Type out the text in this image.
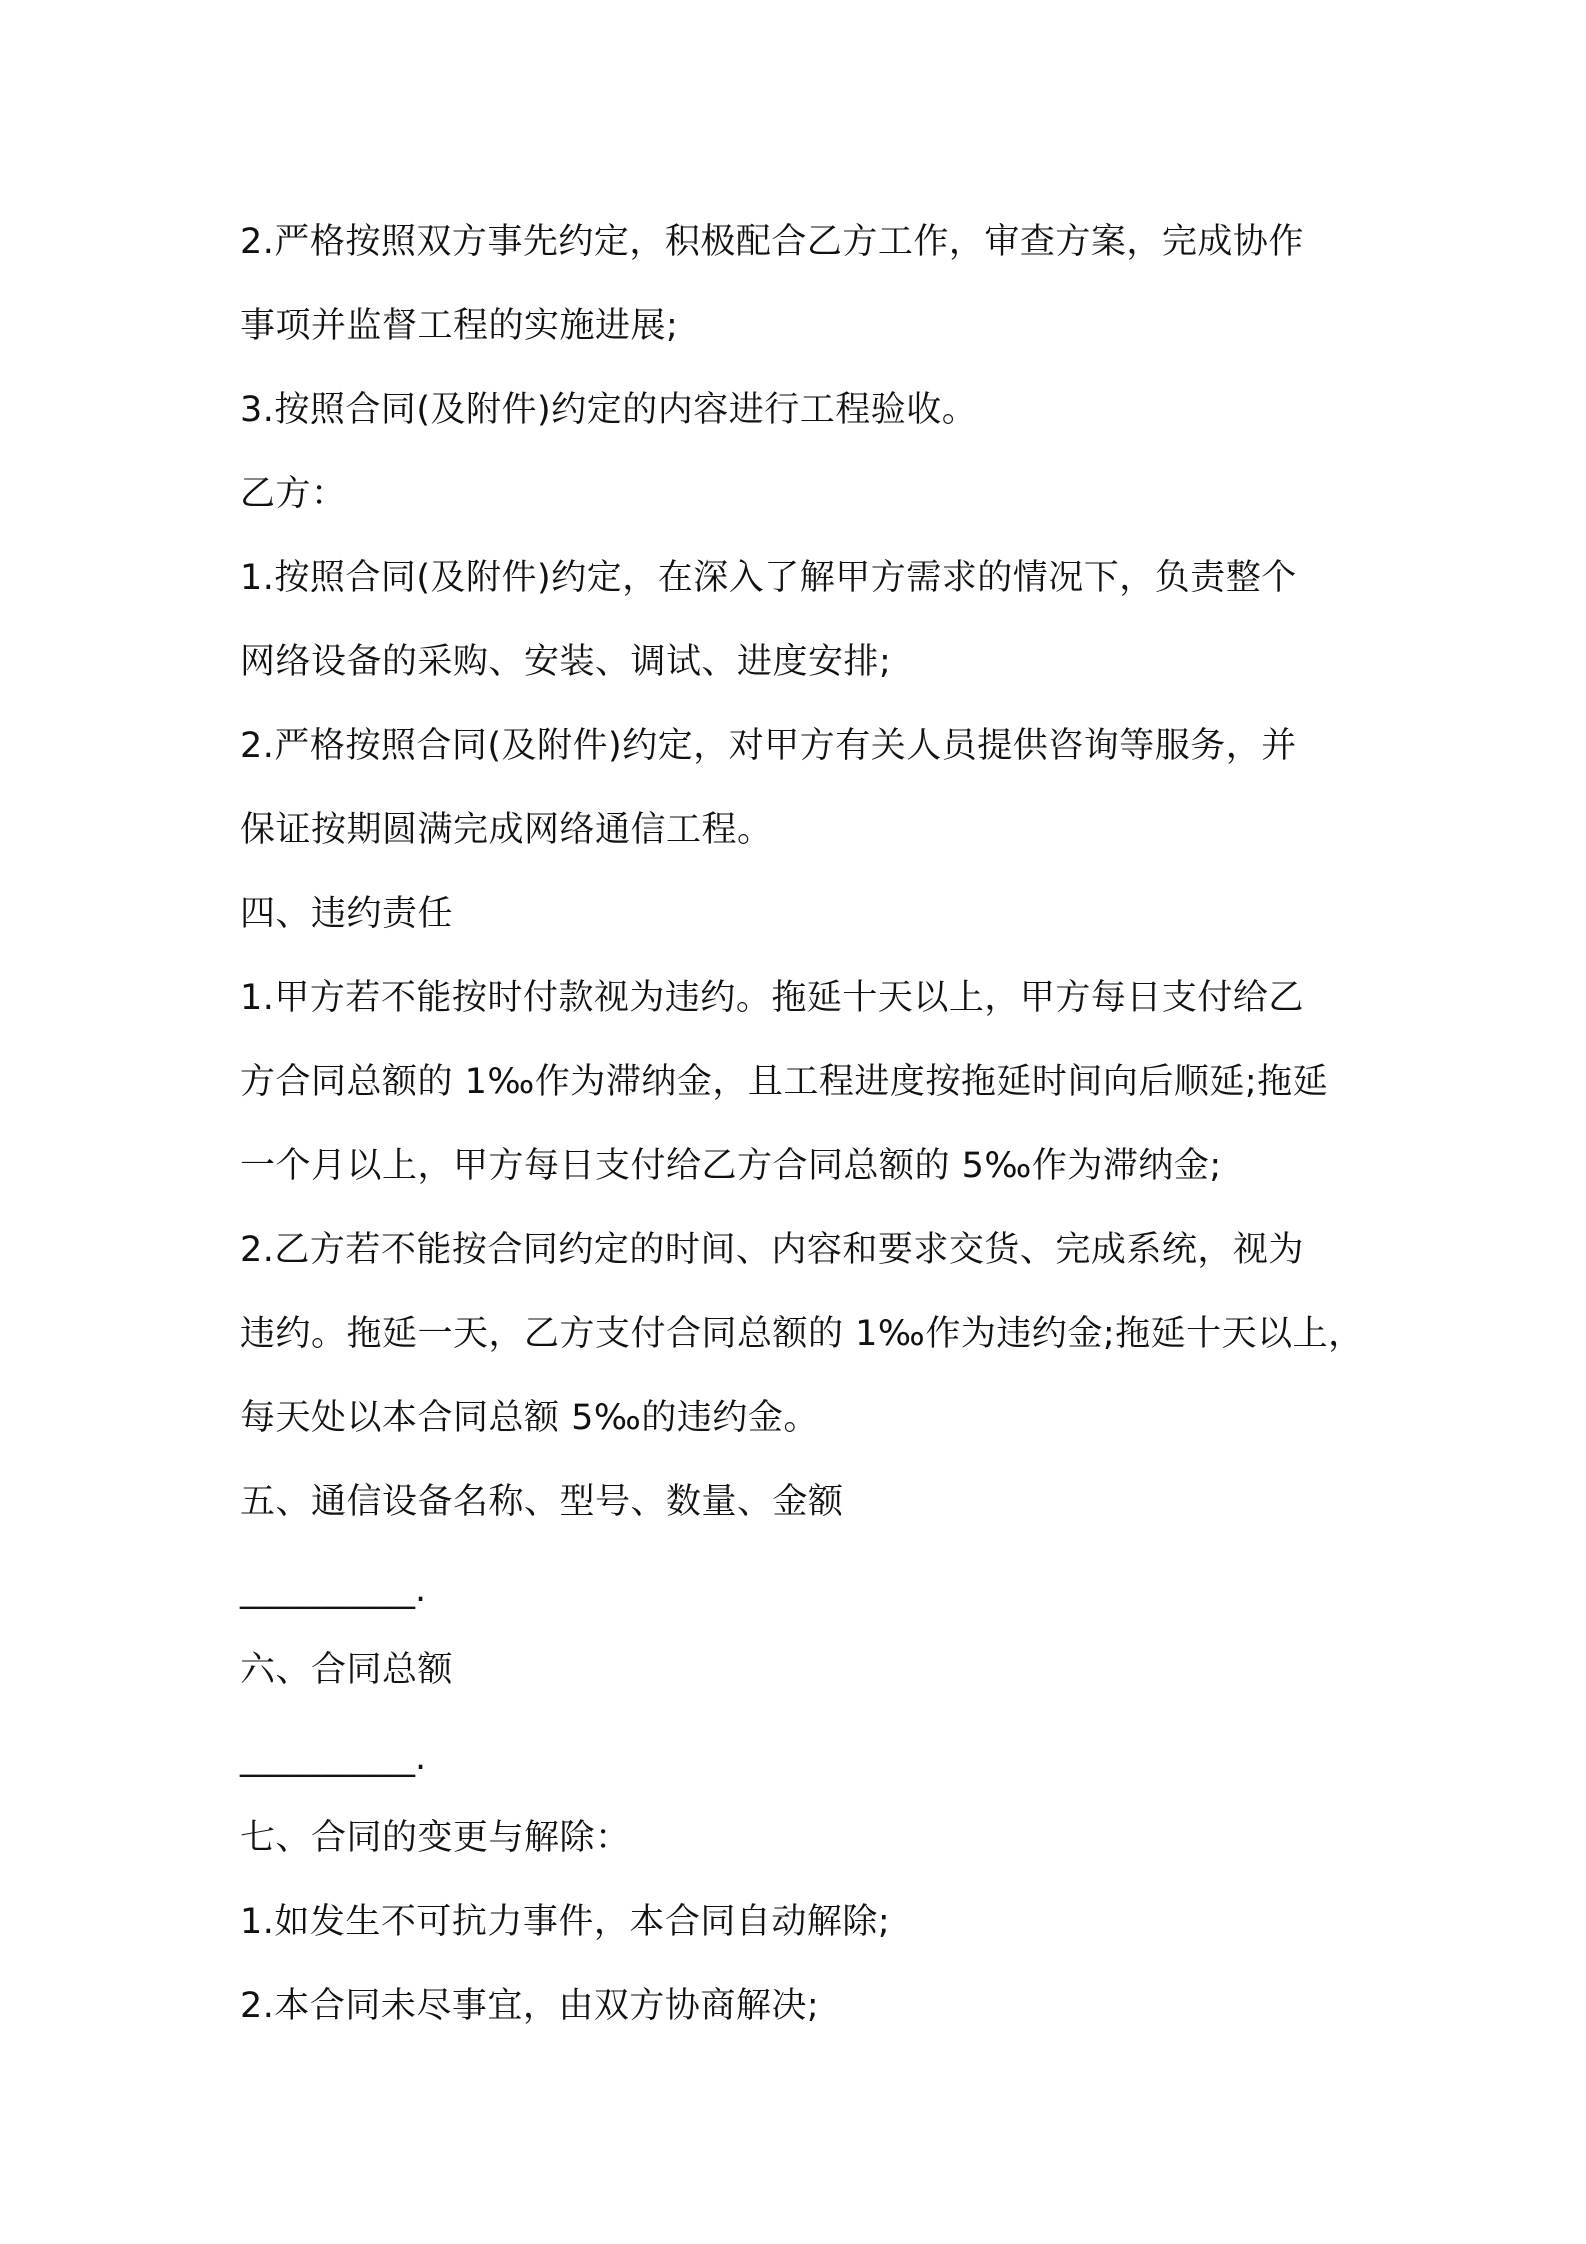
2.严格按照双方事先约定，积极配合乙方工作，审查方案，完成协作
事项并监督工程的实施进展;
3.按照合同(及附件)约定的内容进行工程验收。
乙方：
1.按照合同(及附件)约定，在深入了解甲方需求的情况下，负责整个
网络设备的采购、安装、调试、进度安排;
2.严格按照合同(及附件)约定，对甲方有关人员提供咨询等服务，并
保证按期圆满完成网络通信工程。
四、违约责任
1.甲方若不能按时付款视为违约。拖延十天以上，甲方每日支付给乙
方合同总额的 1‰作为滞纳金，且工程进度按拖延时间向后顺延;拖延
一个月以上，甲方每日支付给乙方合同总额的 5‰作为滞纳金;
2.乙方若不能按合同约定的时间、内容和要求交货、完成系统，视为
违约。拖延一天，乙方支付合同总额的 1‰作为违约金;拖延十天以上，
每天处以本合同总额 5‰的违约金。
五、通信设备名称、型号、数量、金额
__________.
六、合同总额
__________.
七、合同的变更与解除：
1.如发生不可抗力事件，本合同自动解除;
2.本合同未尽事宜，由双方协商解决;
